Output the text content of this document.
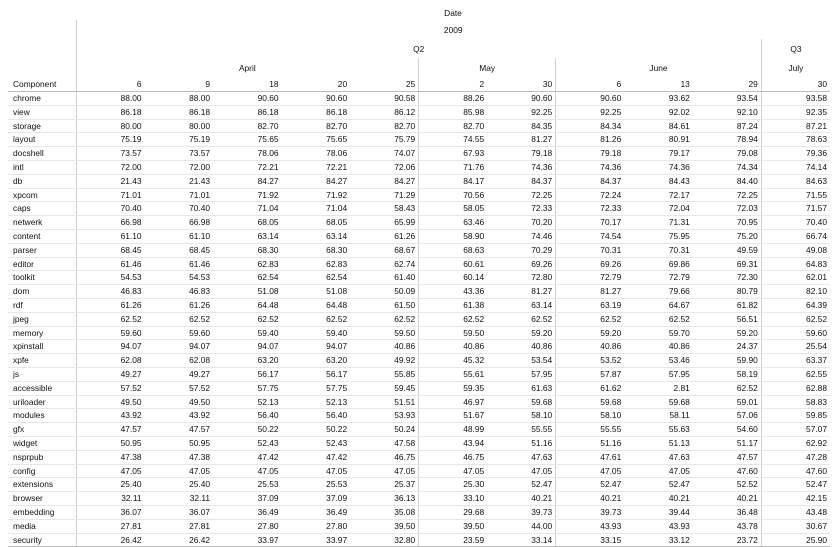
	Date										
	2009										
	Q2										Q3
	April					May		June			July
Component	6	9	18	20	25	2	30	6	13	29	30
chrome	88.00	88.00	90.60	90.60	90.58	88.26	90.60	90.60	93.62	93.54	93.58
view	86.18	86.18	86.18	86.18	86.12	85.98	92.25	92.25	92.02	92.10	92.35
storage	80.00	80.00	82.70	82.70	82.70	82.70	84.35	84.34	84.61	87.24	87.21
layout	75.19	75.19	75.65	75.65	75.79	74.55	81.27	81.26	80.91	78.94	78.63
docshell	73.57	73.57	78.06	78.06	74.07	67.93	79.18	79.18	79.17	79.08	79.36
intl	72.00	72.00	72.21	72.21	72.06	71.76	74.36	74.36	74.36	74.34	74.14
db	21.43	21.43	84.27	84.27	84.27	84.17	84.37	84.37	84.43	84.40	84.63
xpcom	71.01	71.01	71.92	71.92	71.29	70.56	72.25	72.24	72.17	72.25	71.55
caps	70.40	70.40	71.04	71.04	58.43	58.05	72.33	72.33	72.04	72.03	71.57
netwerk	66.98	66.98	68.05	68.05	65.99	63.46	70.20	70.17	71.31	70.95	70.40
content	61.10	61.10	63.14	63.14	61.26	58.90	74.46	74.54	75.95	75.20	66.74
parser	68.45	68.45	68.30	68.30	68.67	68.63	70.29	70.31	70.31	49.59	49.08
editor	61.46	61.46	62.83	62.83	62.74	60.61	69.26	69.26	69.86	69.31	64.83
toolkit	54.53	54.53	62.54	62.54	61.40	60.14	72.80	72.79	72.79	72.30	62.01
dom	46.83	46.83	51.08	51.08	50.09	43.36	81.27	81.27	79.66	80.79	82.10
rdf	61.26	61.26	64.48	64.48	61.50	61.38	63.14	63.19	64.67	61.82	64.39
jpeg	62.52	62.52	62.52	62.52	62.52	62.52	62.52	62.52	62.52	56.51	62.52
memory	59.60	59.60	59.40	59.40	59.50	59.50	59.20	59.20	59.70	59.20	59.60
xpinstall	94.07	94.07	94.07	94.07	40.86	40.86	40.86	40.86	40.86	24.37	25.54
xpfe	62.08	62.08	63.20	63.20	49.92	45.32	53.54	53.52	53.46	59.90	63.37
js	49.27	49.27	56.17	56.17	55.85	55.61	57.95	57.87	57.95	58.19	62.55
accessible	57.52	57.52	57.75	57.75	59.45	59.35	61.63	61.62	2.81	62.52	62.88
uriloader	49.50	49.50	52.13	52.13	51.51	46.97	59.68	59.68	59.68	59.01	58.83
modules	43.92	43.92	56.40	56.40	53.93	51.67	58.10	58.10	58.11	57.06	59.85
gfx	47.57	47.57	50.22	50.22	50.24	48.99	55.55	55.55	55.63	54.60	57.07
widget	50.95	50.95	52.43	52.43	47.58	43.94	51.16	51.16	51.13	51.17	62.92
nsprpub	47.38	47.38	47.42	47.42	46.75	46.75	47.63	47.61	47.63	47.57	47.28
config	47.05	47.05	47.05	47.05	47.05	47.05	47.05	47.05	47.05	47.60	47.60
extensions	25.40	25.40	25.53	25.53	25.37	25.30	52.47	52.47	52.47	52.52	52.47
browser	32.11	32.11	37.09	37.09	36.13	33.10	40.21	40.21	40.21	40.21	42.15
embedding	36.07	36.07	36.49	36.49	35.08	29.68	39.73	39.73	39.44	36.48	43.48
media	27.81	27.81	27.80	27.80	39.50	39.50	44.00	43.93	43.93	43.78	30.67
security	26.42	26.42	33.97	33.97	32.80	23.59	33.14	33.15	33.12	23.72	25.90
